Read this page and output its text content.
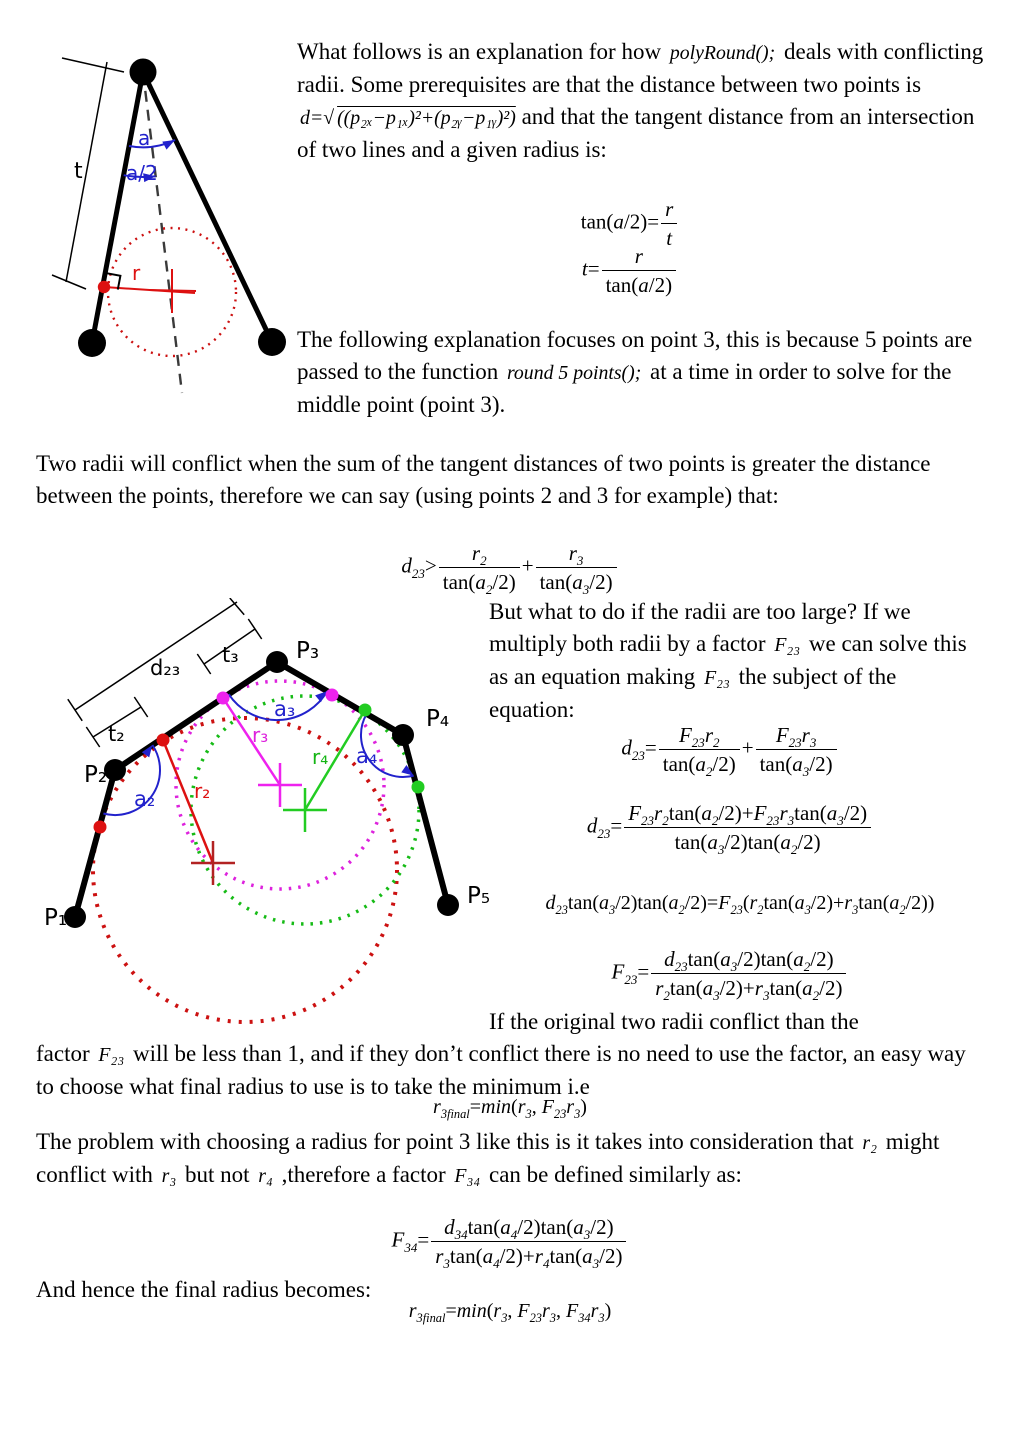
t
r
a
a/2
d₂₃
t₃
t₂
r₂
r₃
r₄
a₂
a₃
a₄
P₁
P₂
P₃
P₄
P₅
What follows is an explanation for how polyRound(); deals with conflicting radii. Some prerequisites are that the distance between two points is d=√ ((p₂ₓ−p₁ₓ)²+(p₂ᵧ−p₁ᵧ)²) and that the tangent distance from an intersection of two lines and a given radius is:
$\tan(a/2)= \frac{r}{t}$
$t= \frac{r}{\tan(a/2)}$
The following explanation focuses on point 3, this is because 5 points are passed to the function round 5 points(); at a time in order to solve for the middle point (point 3).
Two radii will conflict when the sum of the tangent distances of two points is greater the distance between the points, therefore we can say (using points 2 and 3 for example) that:
$d_{23}> \frac{r_2}{\tan(a_2/2)} + \frac{r_3}{\tan(a_3/2)}$
But what to do if the radii are too large? If we multiply both radii by a factor F₂₃ we can solve this as an equation making F₂₃ the subject of the equation:
$d_{23}= \frac{F_{23}r_2}{\tan(a_2/2)} + \frac{F_{23}r_3}{\tan(a_3/2)}$
$d_{23}= \frac{F_{23}r_2\tan(a_2/2)+F_{23}r_3\tan(a_3/2)}{\tan(a_3/2)\tan(a_2/2)}$
$d_{23}\tan(a_3/2)\tan(a_2/2)=F_{23}(r_2\tan(a_3/2)+r_3\tan(a_2/2))$
$F_{23}= \frac{d_{23}\tan(a_3/2)\tan(a_2/2)}{r_2\tan(a_3/2)+r_3\tan(a_2/2)}$
If the original two radii conflict than the
factor F₂₃ will be less than 1, and if they don’t conflict there is no need to use the factor, an easy way to choose what final radius to use is to take the minimum i.e
$r_{3final}=\min(r_3$, $F_{23}r_3$)
The problem with choosing a radius for point 3 like this is it takes into consideration that r₂ might conflict with r₃ but not r₄ ,therefore a factor F₃₄ can be defined similarly as:
$F_{34}= \frac{d_{34}\tan(a_4/2)\tan(a_3/2)}{r_3\tan(a_4/2)+r_4\tan(a_3/2)}$
And hence the final radius becomes:
$r_{3final}=\min(r_3$, $F_{23}r_3$, $F_{34}r_3$)
